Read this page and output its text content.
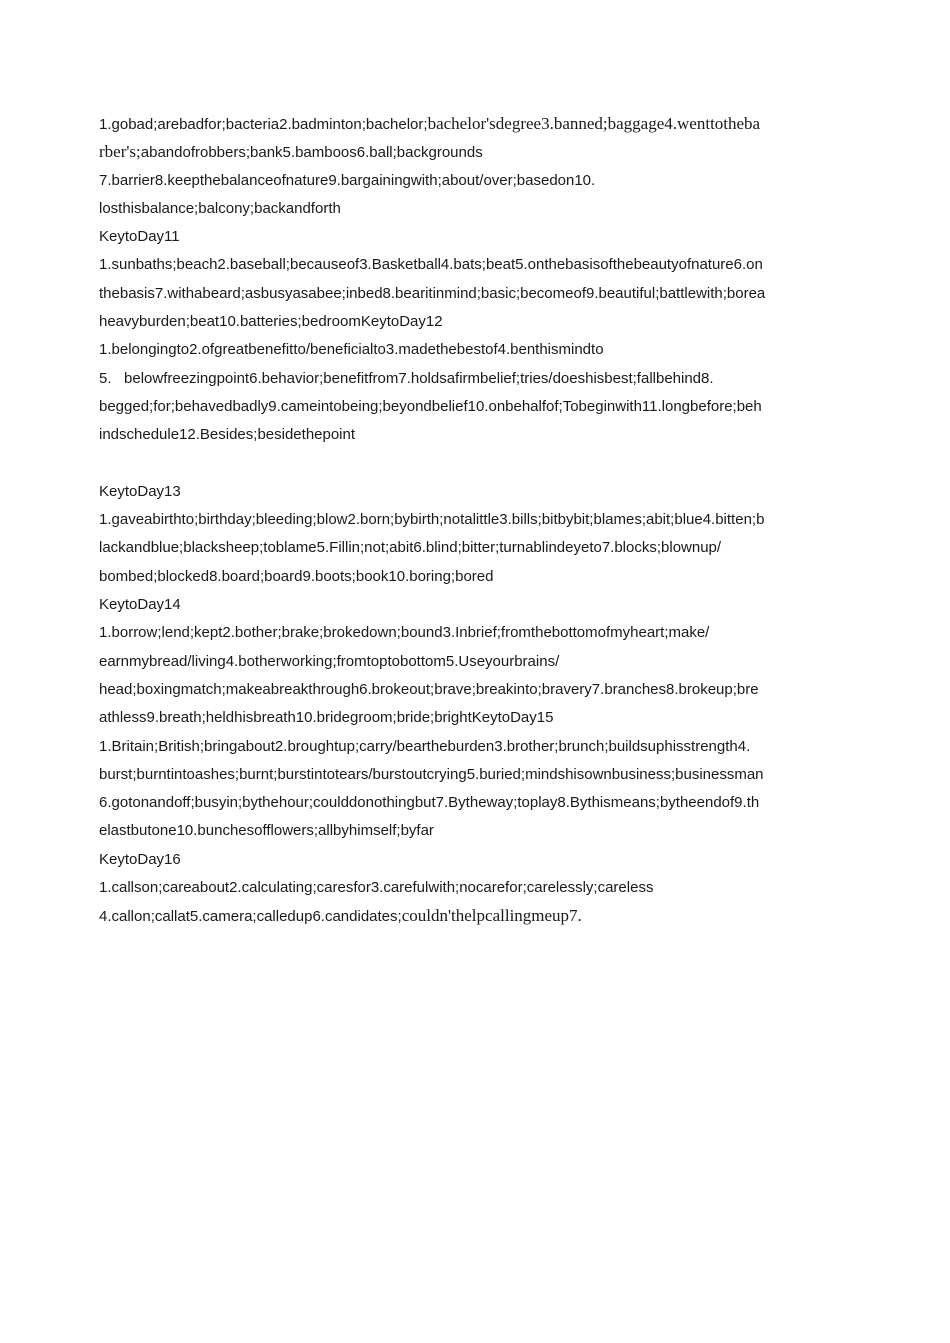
1.gobad;arebadfor;bacteria2.badminton;bachelor;bachelor'sdegree3.banned;baggage4.wenttotheba
rber's;abandofrobbers;bank5.bamboos6.ball;backgrounds
7.barrier8.keepthebalanceofnature9.bargainingwith;about/over;basedon10.
losthisbalance;balcony;backandforth
KeytoDay11
1.sunbaths;beach2.baseball;becauseof3.Basketball4.bats;beat5.onthebasisofthebeautyofnature6.on
thebasis7.withabeard;asbusyasabee;inbed8.bearitinmind;basic;becomeof9.beautiful;battlewith;borea
heavyburden;beat10.batteries;bedroomKeytoDay12
1.belongingto2.ofgreatbenefitto/beneficialto3.madethebestof4.benthismindto
5.   belowfreezingpoint6.behavior;benefitfrom7.holdsafirmbelief;tries/doeshisbest;fallbehind8.
begged;for;behavedbadly9.cameintobeing;beyondbelief10.onbehalfof;Tobeginwith11.longbefore;beh
indschedule12.Besides;besidethepoint
KeytoDay13
1.gaveabirthto;birthday;bleeding;blow2.born;bybirth;notalittle3.bills;bitbybit;blames;abit;blue4.bitten;b
lackandblue;blacksheep;toblame5.Fillin;not;abit6.blind;bitter;turnablindeyeto7.blocks;blownup/
bombed;blocked8.board;board9.boots;book10.boring;bored
KeytoDay14
1.borrow;lend;kept2.bother;brake;brokedown;bound3.Inbrief;fromthebottomofmyheart;make/
earnmybread/living4.botherworking;fromtoptobottom5.Useyourbrains/
head;boxingmatch;makeabreakthrough6.brokeout;brave;breakinto;bravery7.branches8.brokeup;bre
athless9.breath;heldhisbreath10.bridegroom;bride;brightKeytoDay15
1.Britain;British;bringabout2.broughtup;carry/beartheburden3.brother;brunch;buildsuphisstrength4.
burst;burntintoashes;burnt;burstintotears/burstoutcrying5.buried;mindshisownbusiness;businessman
6.gotonandoff;busyin;bythehour;coulddonothingbut7.Bytheway;toplay8.Bythismeans;bytheendof9.th
elastbutone10.bunchesofflowers;allbyhimself;byfar
KeytoDay16
1.callson;careabout2.calculating;caresfor3.carefulwith;nocarefor;carelessly;careless
4.callon;callat5.camera;calledup6.candidates;couldn'thelpcallingmeup7.
